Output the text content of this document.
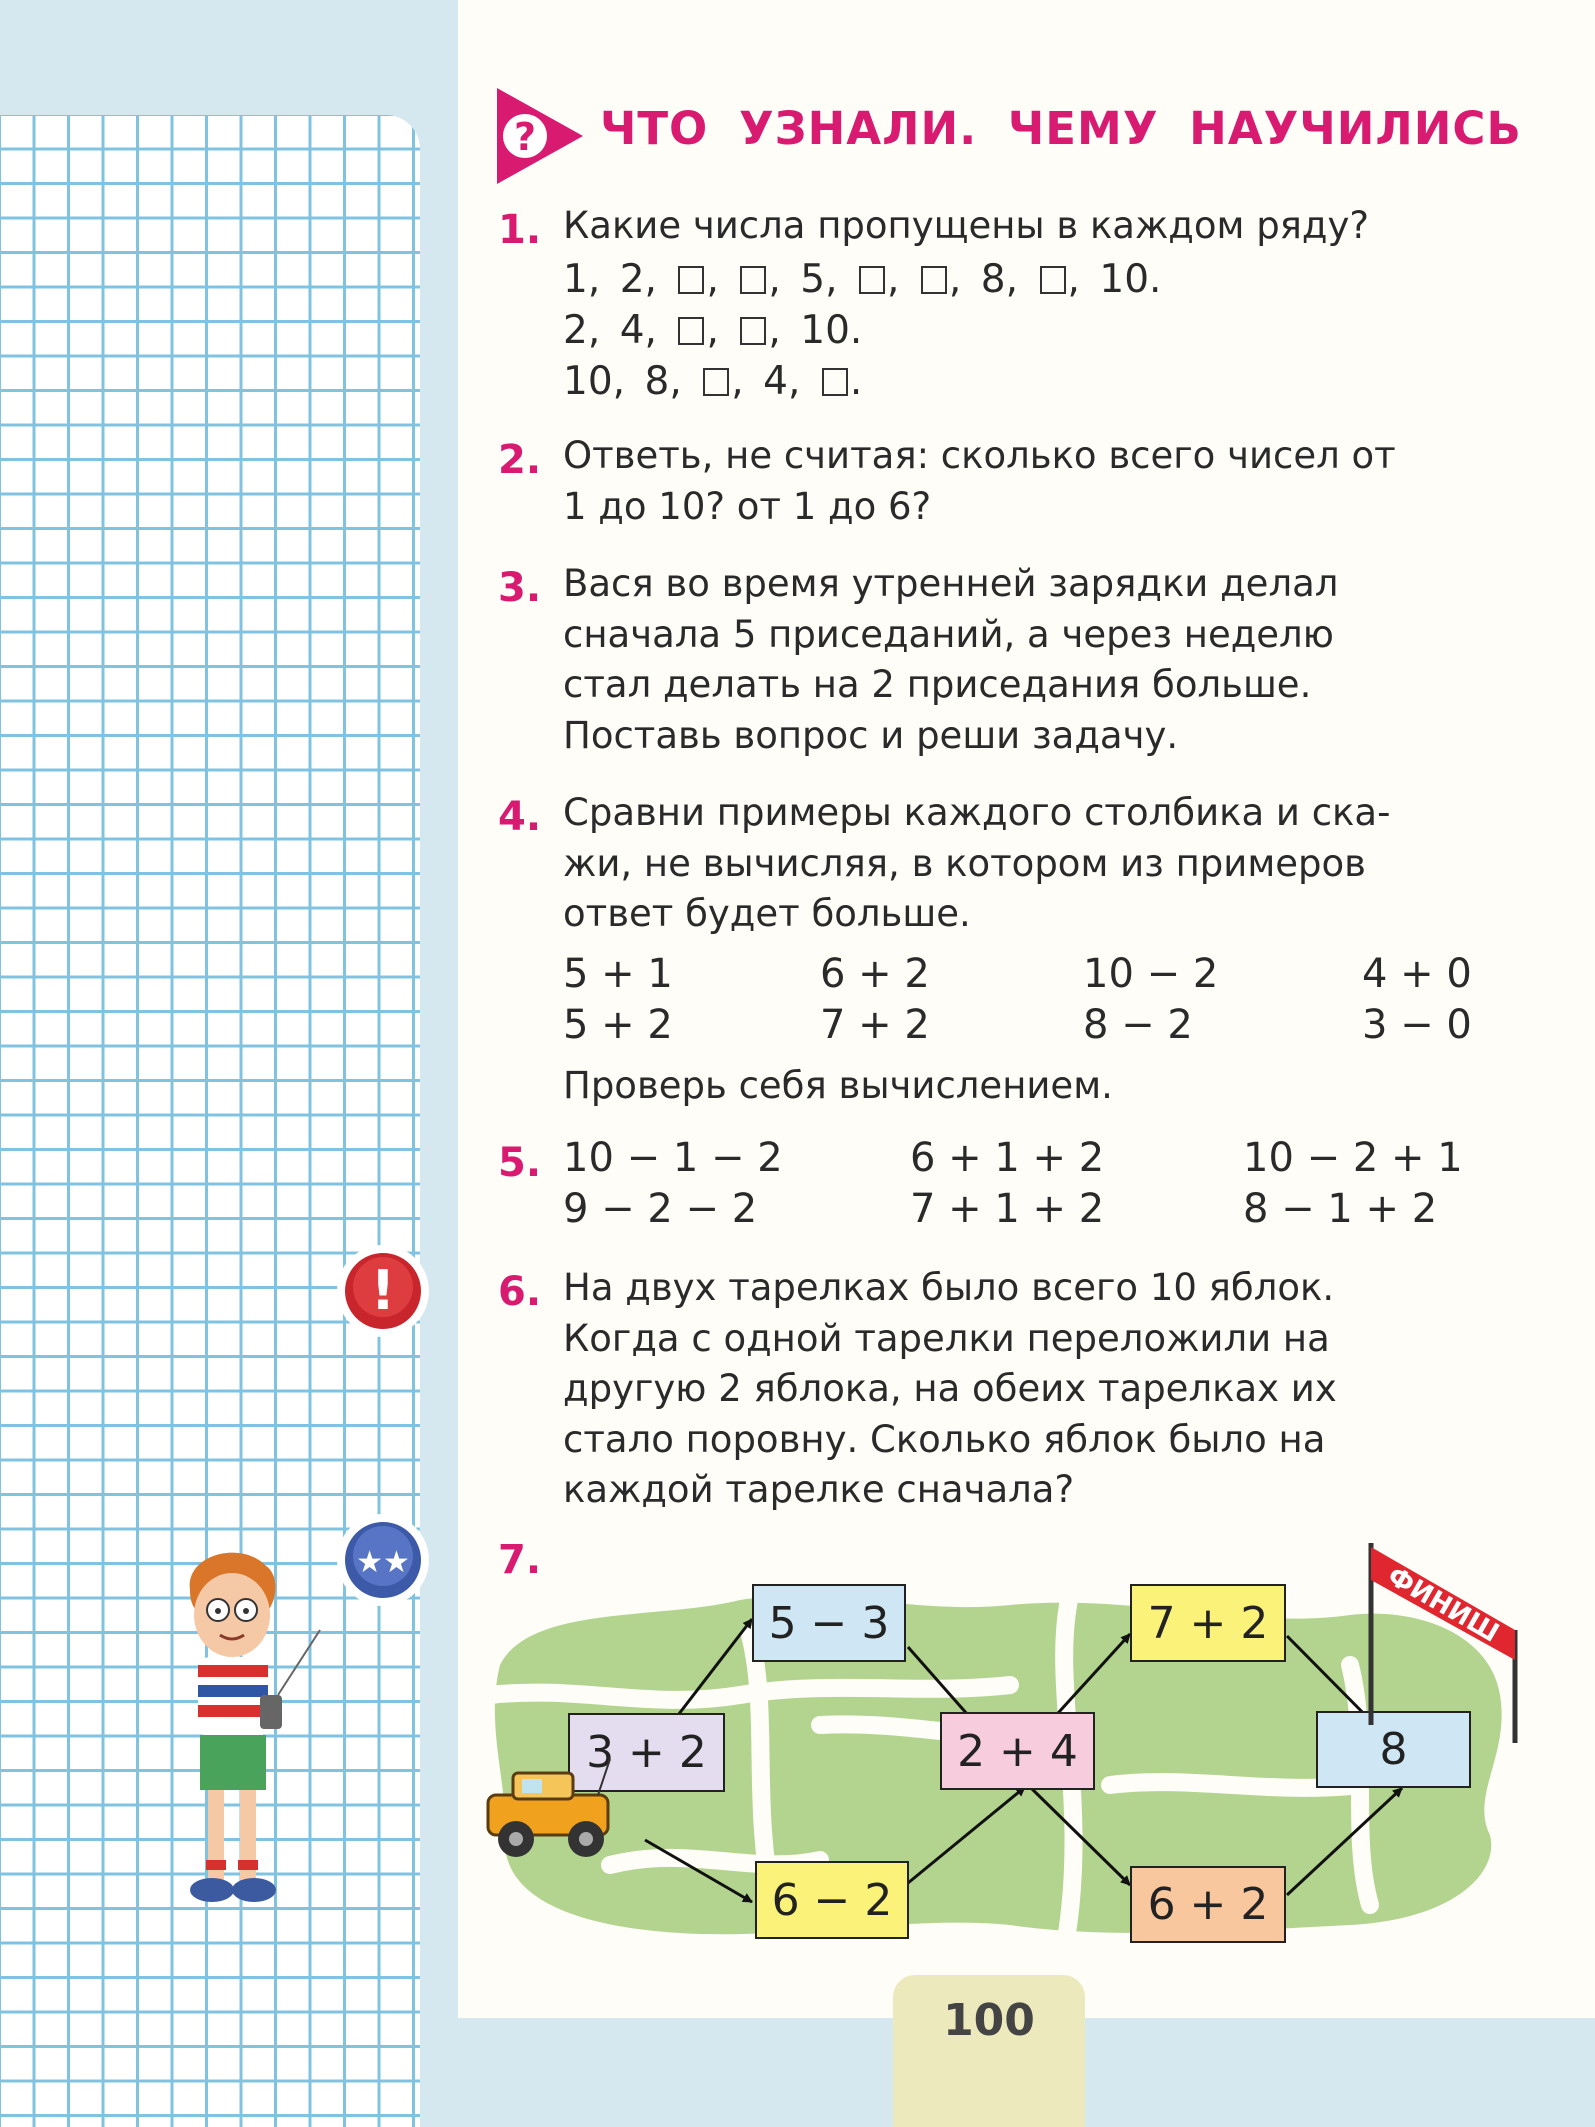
? ЧТО УЗНАЛИ. ЧЕМУ НАУЧИЛИСЬ
1. Какие числа пропущены в каждом ряду?
1, 2, , , 5, , , 8, , 10.
2, 4, , , 10.
10, 8, , 4, .
2. Ответь, не считая: сколько всего чисел от
1 до 10? от 1 до 6?
3. Вася во время утренней зарядки делал
сначала 5 приседаний, а через неделю
стал делать на 2 приседания больше.
Поставь вопрос и реши задачу.
4. Сравни примеры каждого столбика и ска-
жи, не вычисляя, в котором из примеров
ответ будет больше.
5 + 1
5 + 2
6 + 2
7 + 2
10 − 2
8 − 2
4 + 0
3 − 0
Проверь себя вычислением.
5. 10 − 1 − 2
9 − 2 − 2
6 + 1 + 2
7 + 1 + 2
10 − 2 + 1
8 − 1 + 2
6. На двух тарелках было всего 10 яблок.
Когда с одной тарелки переложили на
другую 2 яблока, на обеих тарелках их
стало поровну. Сколько яблок было на
каждой тарелке сначала?
7.
!
★★
3 + 2
5 − 3
6 − 2
2 + 4
7 + 2
6 + 2
8
ФИНИШ
100
